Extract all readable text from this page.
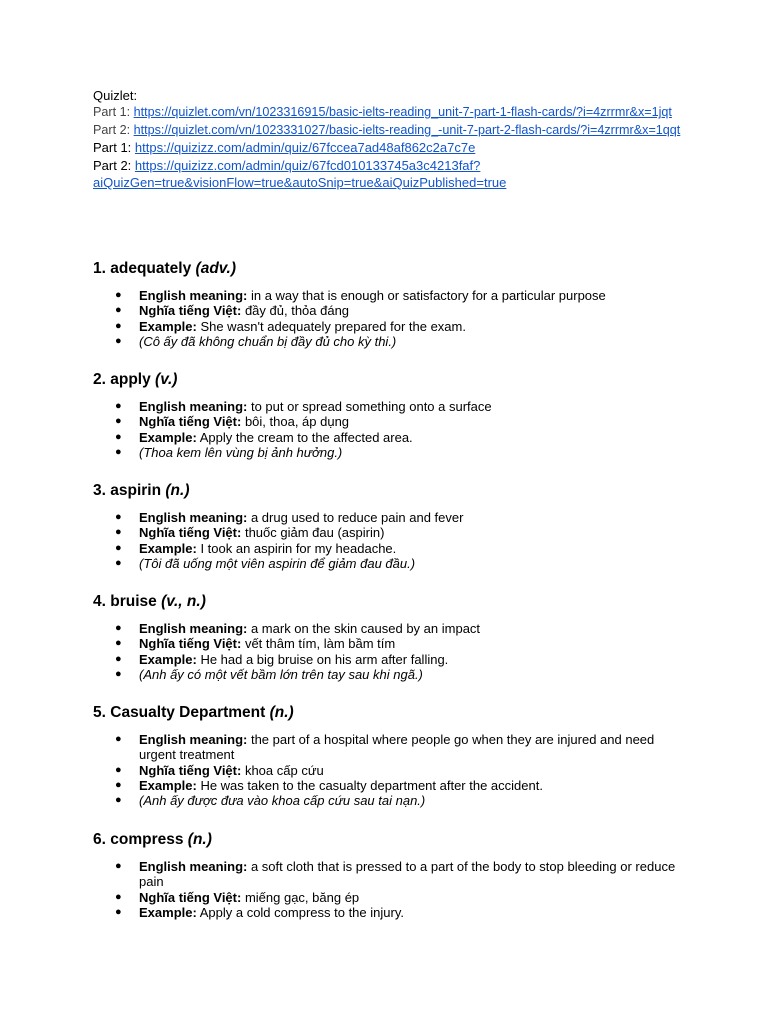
Quizlet:
Part 1: https://quizlet.com/vn/1023316915/basic-ielts-reading_unit-7-part-1-flash-cards/?i=4zrrmr&x=1jqt
Part 2: https://quizlet.com/vn/1023331027/basic-ielts-reading_-unit-7-part-2-flash-cards/?i=4zrrmr&x=1qqt
Part 1: https://quizizz.com/admin/quiz/67fccea7ad48af862c2a7c7e
Part 2: https://quizizz.com/admin/quiz/67fcd010133745a3c4213faf?aiQuizGen=true&visionFlow=true&autoSnip=true&aiQuizPublished=true
1. adequately (adv.)
● English meaning: in a way that is enough or satisfactory for a particular purpose
● Nghĩa tiếng Việt: đầy đủ, thỏa đáng
● Example: She wasn't adequately prepared for the exam.
● (Cô ấy đã không chuẩn bị đầy đủ cho kỳ thi.)
2. apply (v.)
● English meaning: to put or spread something onto a surface
● Nghĩa tiếng Việt: bôi, thoa, áp dụng
● Example: Apply the cream to the affected area.
● (Thoa kem lên vùng bị ảnh hưởng.)
3. aspirin (n.)
● English meaning: a drug used to reduce pain and fever
● Nghĩa tiếng Việt: thuốc giảm đau (aspirin)
● Example: I took an aspirin for my headache.
● (Tôi đã uống một viên aspirin để giảm đau đầu.)
4. bruise (v., n.)
● English meaning: a mark on the skin caused by an impact
● Nghĩa tiếng Việt: vết thâm tím, làm bầm tím
● Example: He had a big bruise on his arm after falling.
● (Anh ấy có một vết bầm lớn trên tay sau khi ngã.)
5. Casualty Department (n.)
● English meaning: the part of a hospital where people go when they are injured and need urgent treatment
● Nghĩa tiếng Việt: khoa cấp cứu
● Example: He was taken to the casualty department after the accident.
● (Anh ấy được đưa vào khoa cấp cứu sau tai nạn.)
6. compress (n.)
● English meaning: a soft cloth that is pressed to a part of the body to stop bleeding or reduce pain
● Nghĩa tiếng Việt: miếng gạc, băng ép
● Example: Apply a cold compress to the injury.
